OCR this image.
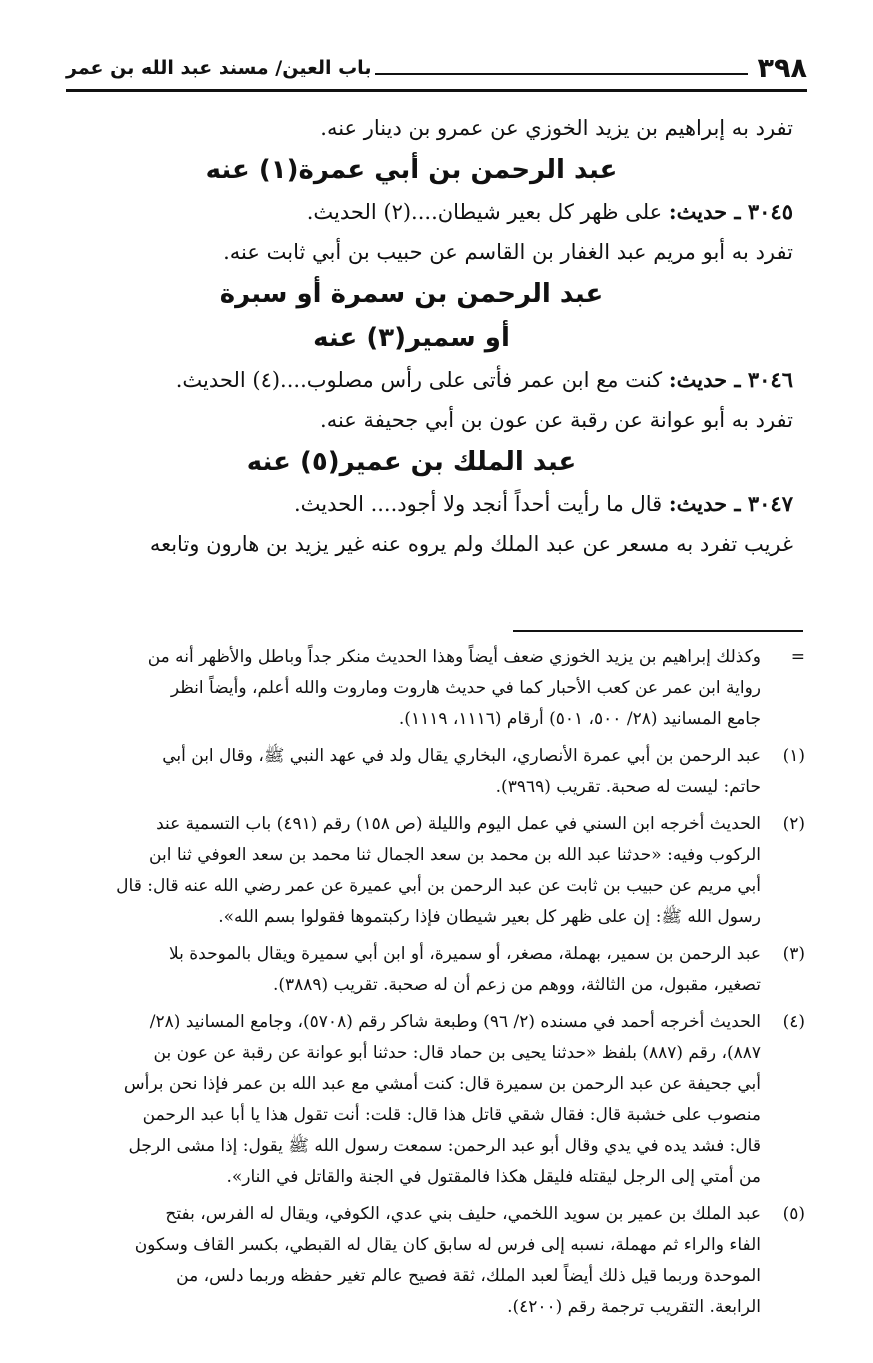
٣٩٨
باب العين/ مسند عبد الله بن عمر
تفرد به إبراهيم بن يزيد الخوزي عن عمرو بن دينار عنه.
عبد الرحمن بن أبي عمرة(١) عنه
٣٠٤٥ ـ حديث: على ظهر كل بعير شيطان....(٢) الحديث.
تفرد به أبو مريم عبد الغفار بن القاسم عن حبيب بن أبي ثابت عنه.
عبد الرحمن بن سمرة أو سبرة
أو سمير(٣) عنه
٣٠٤٦ ـ حديث: كنت مع ابن عمر فأتى على رأس مصلوب....(٤) الحديث.
تفرد به أبو عوانة عن رقبة عن عون بن أبي جحيفة عنه.
عبد الملك بن عمير(٥) عنه
٣٠٤٧ ـ حديث: قال ما رأيت أحداً أنجد ولا أجود.... الحديث.
غريب تفرد به مسعر عن عبد الملك ولم يروه عنه غير يزيد بن هارون وتابعه
=
وكذلك إبراهيم بن يزيد الخوزي ضعف أيضاً وهذا الحديث منكر جداً وباطل والأظهر أنه من
رواية ابن عمر عن كعب الأحبار كما في حديث هاروت وماروت والله أعلم، وأيضاً انظر
جامع المسانيد (٢٨/ ٥٠٠، ٥٠١) أرقام (١١١٦، ١١١٩).
(١)
عبد الرحمن بن أبي عمرة الأنصاري، البخاري يقال ولد في عهد النبي ﷺ، وقال ابن أبي
حاتم: ليست له صحبة. تقريب (٣٩٦٩).
(٢)
الحديث أخرجه ابن السني في عمل اليوم والليلة (ص ١٥٨) رقم (٤٩١) باب التسمية عند
الركوب وفيه: «حدثنا عبد الله بن محمد بن سعد الجمال ثنا محمد بن سعد العوفي ثنا ابن
أبي مريم عن حبيب بن ثابت عن عبد الرحمن بن أبي عميرة عن عمر رضي الله عنه قال: قال
رسول الله ﷺ: إن على ظهر كل بعير شيطان فإذا ركبتموها فقولوا بسم الله».
(٣)
عبد الرحمن بن سمير، بهملة، مصغر، أو سميرة، أو ابن أبي سميرة ويقال بالموحدة بلا
تصغير، مقبول، من الثالثة، ووهم من زعم أن له صحبة. تقريب (٣٨٨٩).
(٤)
الحديث أخرجه أحمد في مسنده (٢/ ٩٦) وطبعة شاكر رقم (٥٧٠٨)، وجامع المسانيد (٢٨/
٨٨٧)، رقم (٨٨٧) بلفظ «حدثنا يحيى بن حماد قال: حدثنا أبو عوانة عن رقبة عن عون بن
أبي جحيفة عن عبد الرحمن بن سميرة قال: كنت أمشي مع عبد الله بن عمر فإذا نحن برأس
منصوب على خشبة قال: فقال شقي قاتل هذا قال: قلت: أنت تقول هذا يا أبا عبد الرحمن
قال: فشد يده في يدي وقال أبو عبد الرحمن: سمعت رسول الله ﷺ يقول: إذا مشى الرجل
من أمتي إلى الرجل ليقتله فليقل هكذا فالمقتول في الجنة والقاتل في النار».
(٥)
عبد الملك بن عمير بن سويد اللخمي، حليف بني عدي، الكوفي، ويقال له الفرس، بفتح
الفاء والراء ثم مهملة، نسبه إلى فرس له سابق كان يقال له القبطي، بكسر القاف وسكون
الموحدة وربما قيل ذلك أيضاً لعبد الملك، ثقة فصيح عالم تغير حفظه وربما دلس، من
الرابعة. التقريب ترجمة رقم (٤٢٠٠).
